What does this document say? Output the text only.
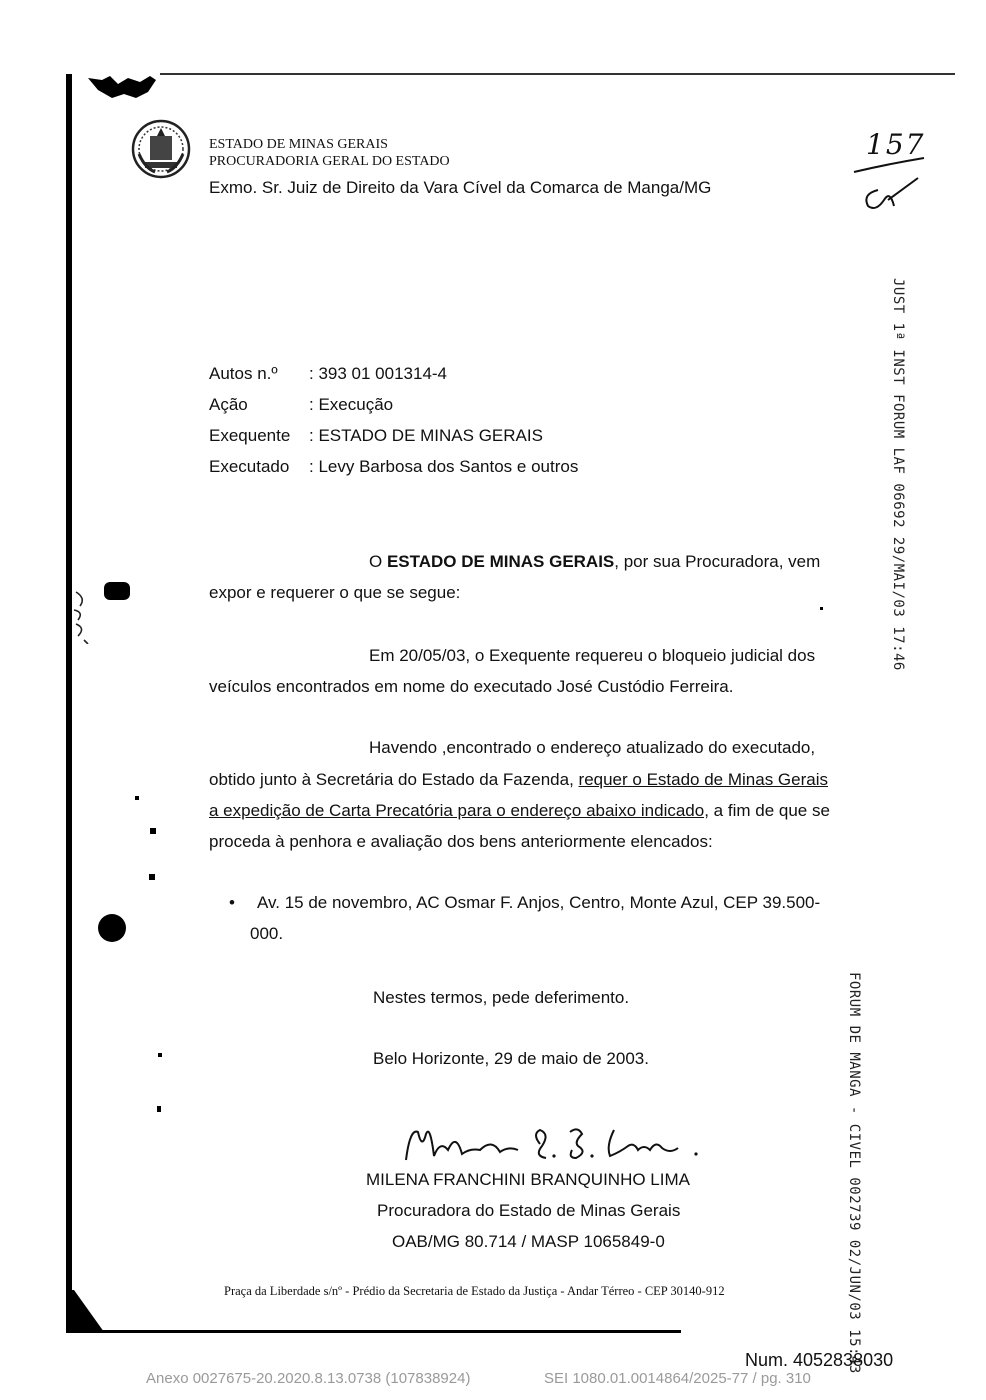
ESTADO DE MINAS GERAIS
PROCURADORIA GERAL DO ESTADO
Exmo. Sr. Juiz de Direito da Vara Cível da Comarca de Manga/MG
157
Autos n.º : 393 01 001314-4
Ação	: Execução
Exequente : ESTADO DE MINAS GERAIS
Executado : Levy Barbosa dos Santos e outros
O ESTADO DE MINAS GERAIS, por sua Procuradora, vem
expor e requerer o que se segue:
Em 20/05/03, o Exequente requereu o bloqueio judicial dos
veículos encontrados em nome do executado José Custódio Ferreira.
Havendo ,encontrado o endereço atualizado do executado,
obtido junto à Secretária do Estado da Fazenda, requer o Estado de Minas Gerais
a expedição de Carta Precatória para o endereço abaixo indicado, a fim de que se
proceda à penhora e avaliação dos bens anteriormente elencados:
• Av. 15 de novembro, AC Osmar F. Anjos, Centro, Monte Azul, CEP 39.500-
000.
Nestes termos, pede deferimento.
Belo Horizonte, 29 de maio de 2003.
MILENA FRANCHINI BRANQUINHO LIMA
Procuradora do Estado de Minas Gerais
OAB/MG 80.714 / MASP 1065849-0
Praça da Liberdade s/nº - Prédio da Secretaria de Estado da Justiça - Andar Térreo - CEP 30140-912
JUST 1ª INST FORUM LAF 06692 29/MAI/03 17:46
FORUM DE MANGA - CIVEL 002739 02/JUN/03 15:43
Num. 4052838030
Anexo 0027675-20.2020.8.13.0738 (107838924)	SEI 1080.01.0014864/2025-77 / pg. 310
